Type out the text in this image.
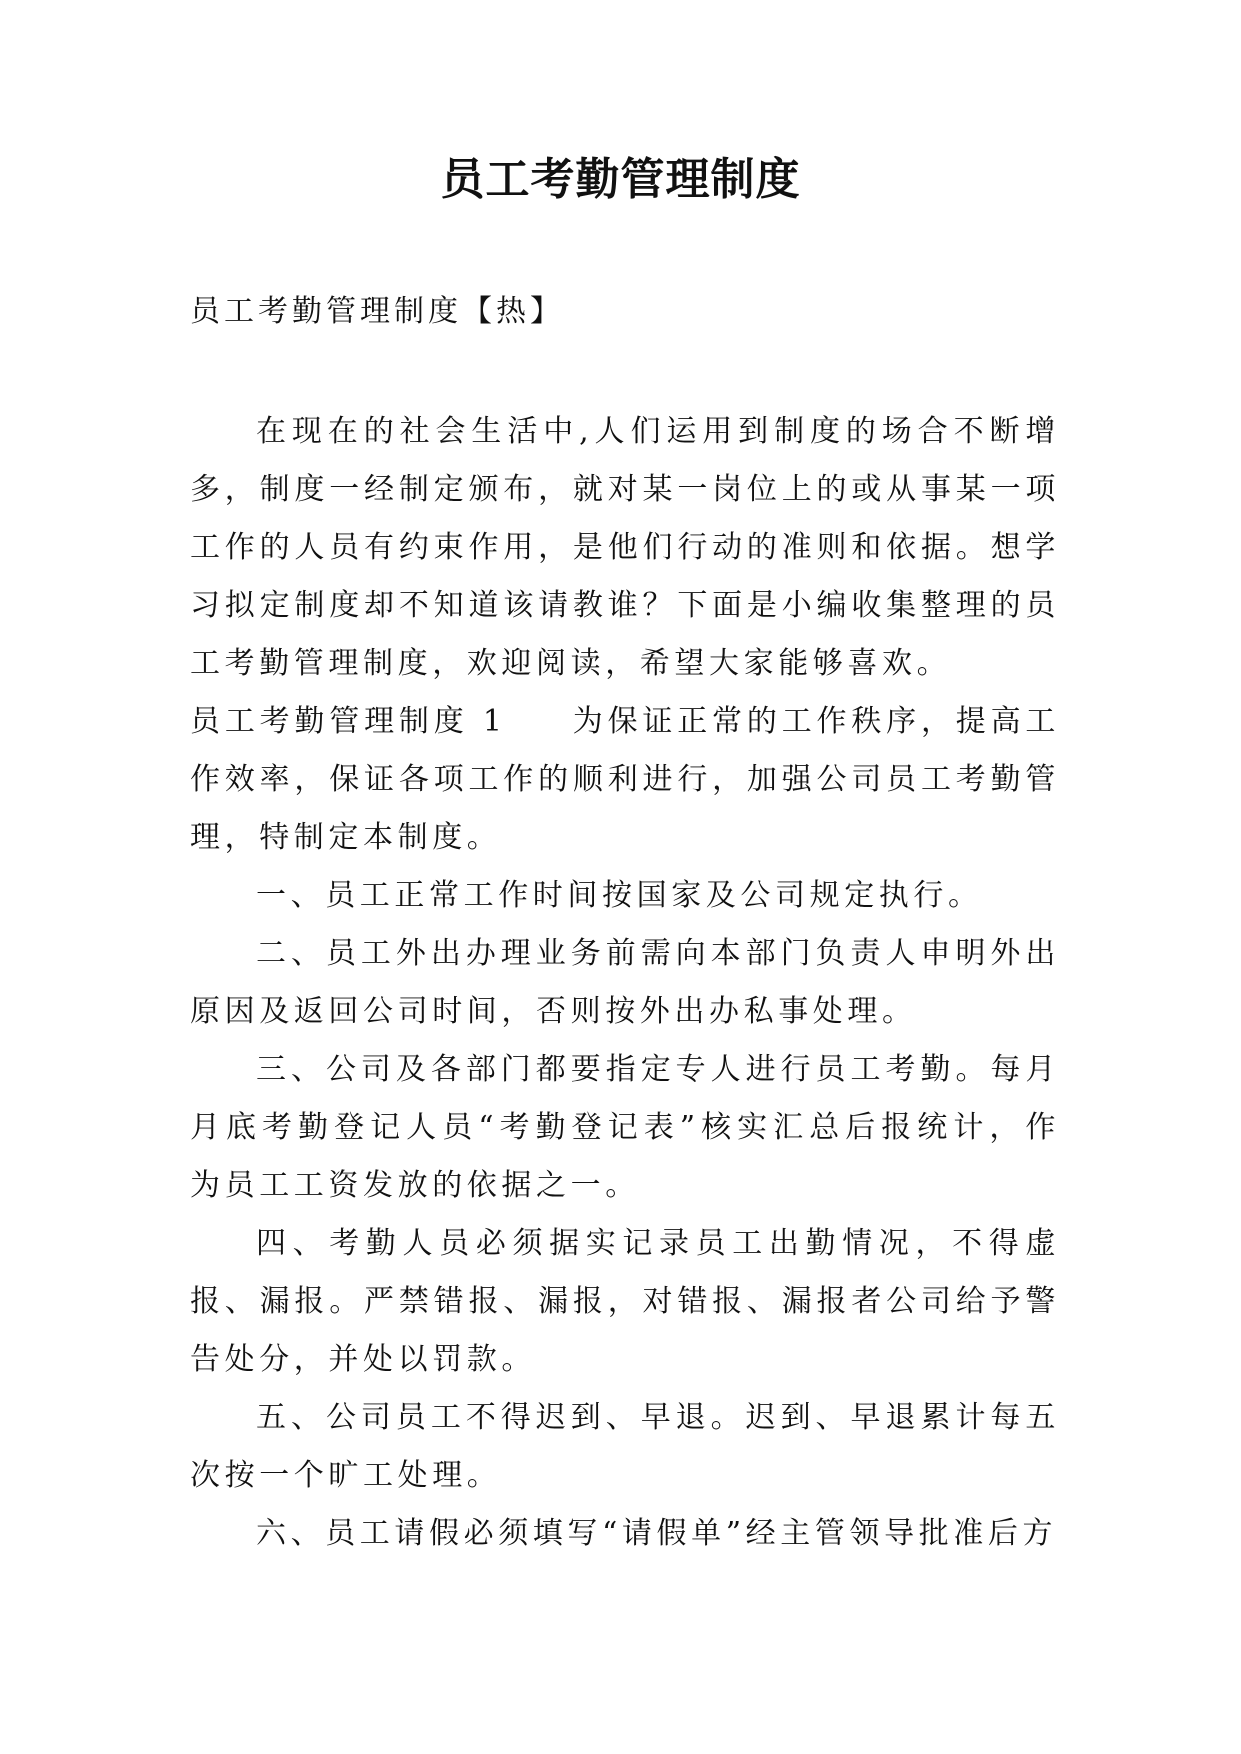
员工考勤管理制度

员工考勤管理制度【热】

在现在的社会生活中,人们运用到制度的场合不断增多，制度一经制定颁布，就对某一岗位上的或从事某一项工作的人员有约束作用，是他们行动的准则和依据。想学习拟定制度却不知道该请教谁？下面是小编收集整理的员工考勤管理制度，欢迎阅读，希望大家能够喜欢。

员工考勤管理制度 1 为保证正常的工作秩序，提高工作效率，保证各项工作的顺利进行，加强公司员工考勤管理，特制定本制度。

一、员工正常工作时间按国家及公司规定执行。

二、员工外出办理业务前需向本部门负责人申明外出原因及返回公司时间，否则按外出办私事处理。

三、公司及各部门都要指定专人进行员工考勤。每月月底考勤登记人员“考勤登记表”核实汇总后报统计，作为员工工资发放的依据之一。

四、考勤人员必须据实记录员工出勤情况，不得虚报、漏报。严禁错报、漏报，对错报、漏报者公司给予警告处分，并处以罚款。

五、公司员工不得迟到、早退。迟到、早退累计每五次按一个旷工处理。

六、员工请假必须填写“请假单”经主管领导批准后方
